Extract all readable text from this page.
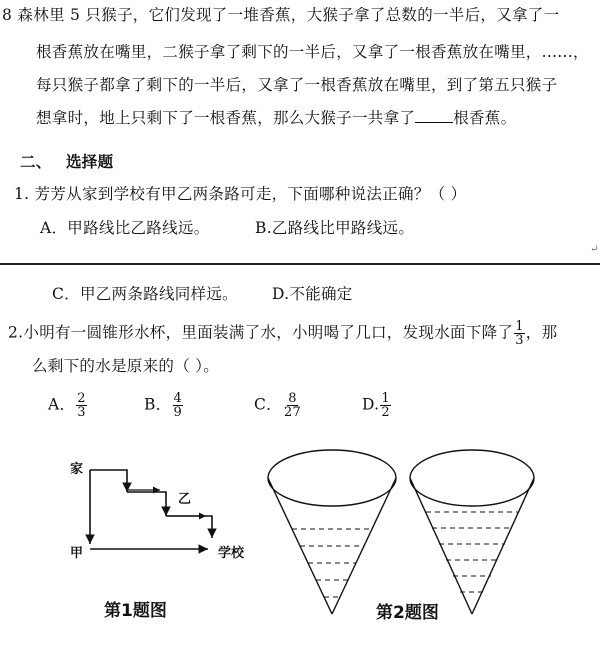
8 森林里 5 只猴子，它们发现了一堆香蕉，大猴子拿了总数的一半后，又拿了一
根香蕉放在嘴里，二猴子拿了剩下的一半后，又拿了一根香蕉放在嘴里，......，
每只猴子都拿了剩下的一半后，又拿了一根香蕉放在嘴里，到了第五只猴子
想拿时，地上只剩下了一根香蕉，那么大猴子一共拿了 根香蕉。
二、 选择题
1. 芳芳从家到学校有甲乙两条路可走，下面哪种说法正确？（ ）
A．甲路线比乙路线远。	B.乙路线比甲路线远。
↵
C．甲乙两条路线同样远。 D.不能确定
2.小明有一圆锥形水杯，里面装满了水，小明喝了几口，发现水面下降了 $\frac{1}{3}$ ，那
么剩下的水是原来的（ ）。
A． $\frac{2}{3}$	B． $\frac{4}{9}$	C． $\frac{8}{27}$	D. $\frac{1}{2}$
家
甲
乙
学校
第1题图	第2题图
